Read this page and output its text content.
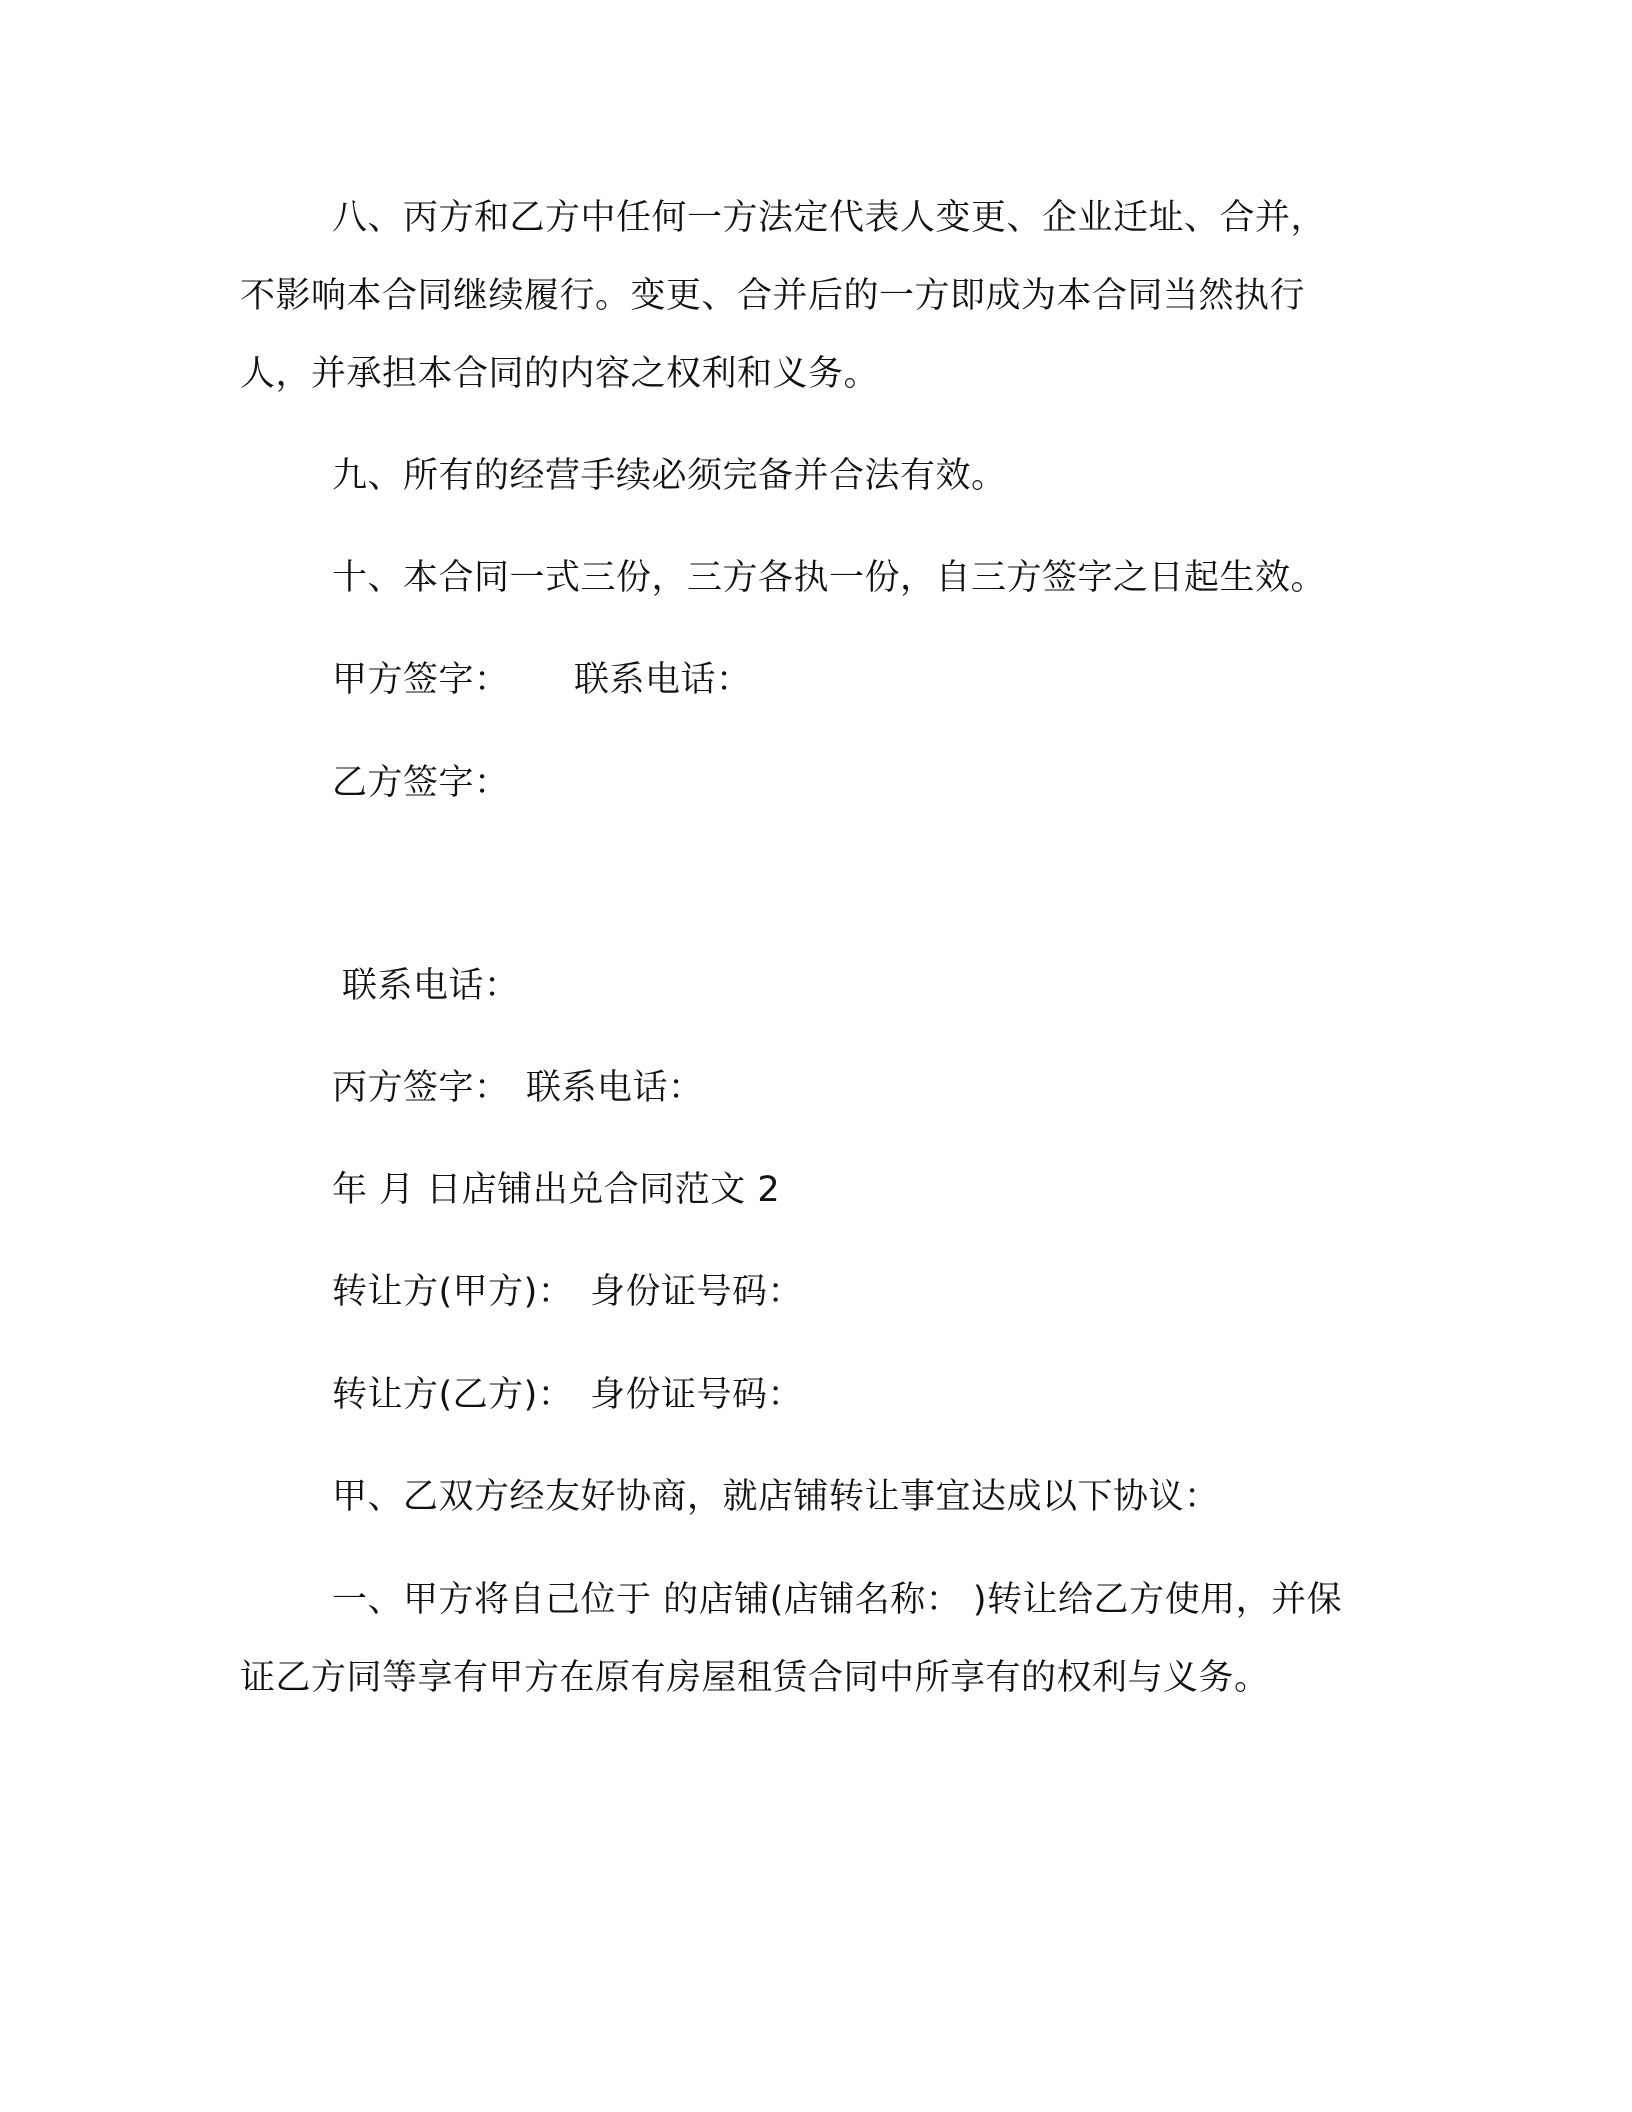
八、丙方和乙方中任何一方法定代表人变更、企业迁址、合并，
不影响本合同继续履行。变更、合并后的一方即成为本合同当然执行
人，并承担本合同的内容之权利和义务。
九、所有的经营手续必须完备并合法有效。
十、本合同一式三份，三方各执一份，自三方签字之日起生效。
甲方签字： 联系电话：
乙方签字：
联系电话：
丙方签字： 联系电话：
年 月 日店铺出兑合同范文 2
转让方(甲方)： 身份证号码：
转让方(乙方)： 身份证号码：
甲、乙双方经友好协商，就店铺转让事宜达成以下协议：
一、甲方将自己位于 的店铺(店铺名称： )转让给乙方使用，并保
证乙方同等享有甲方在原有房屋租赁合同中所享有的权利与义务。
